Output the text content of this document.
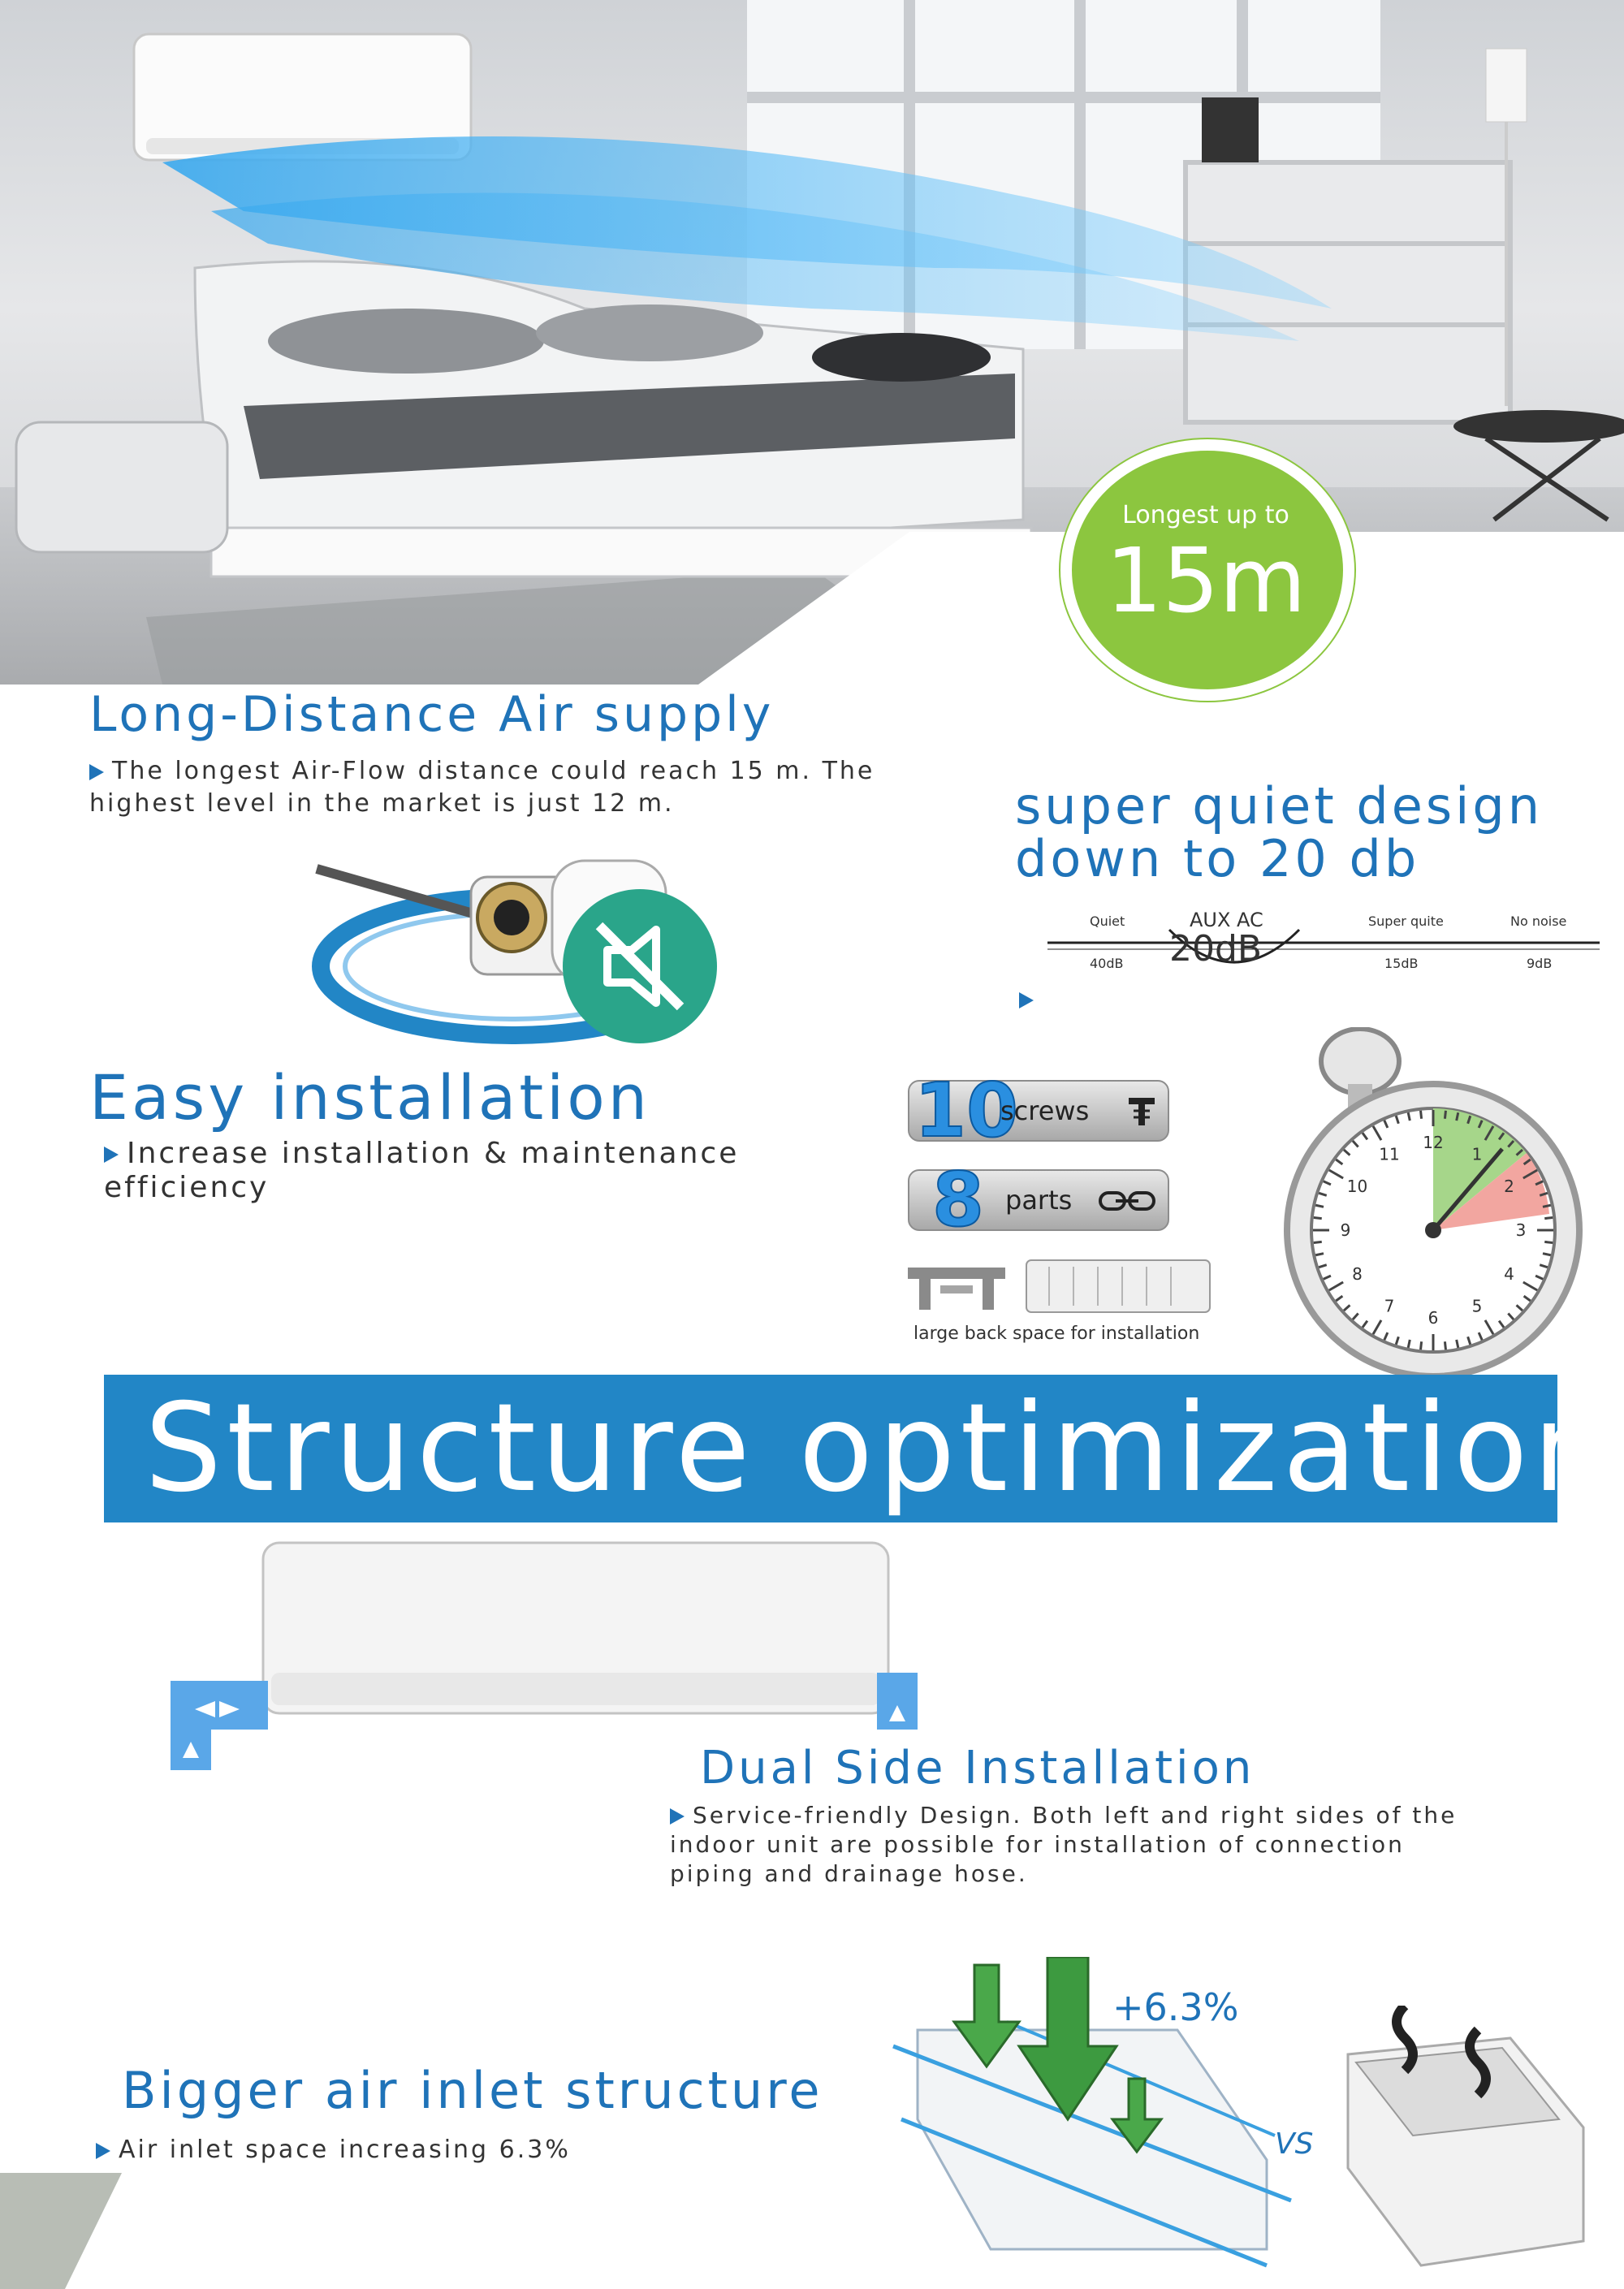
Longest up to
15m
Long-Distance Air supply
The longest Air-Flow distance could reach 15 m. The highest level in the market is just 12 m.	super quiet design
down to 20 db
Quiet
40dB
AUX AC
20dB
Super quite
15dB
No noise
9dB
Easy installation
Increase installation & maintenance efficiency
10
screws
8 parts
large back space for installation
11
12
1
2
3
4
5
6
7
8
9
10
Structure optimization
Dual Side Installation
Service-friendly Design. Both left and right sides of the indoor unit are possible for installation of connection piping and drainage hose.
Bigger air inlet structure
Air inlet space increasing 6.3%
+6.3%
VS
